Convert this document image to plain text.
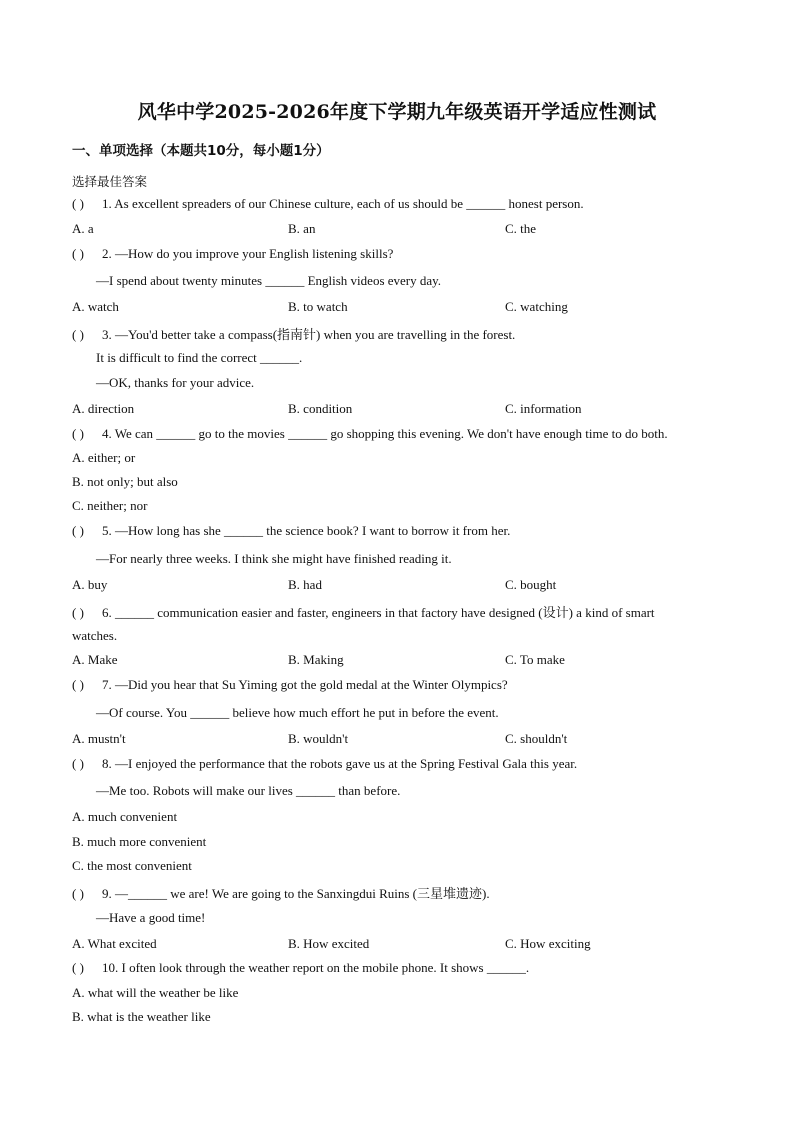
风华中学2025-2026年度下学期九年级英语开学适应性测试
一、单项选择（本题共10分，每小题1分）
选择最佳答案
( ) 1. As excellent spreaders of our Chinese culture, each of us should be ______ honest person.
A. a	B. an	C. the
( ) 2. —How do you improve your English listening skills?
—I spend about twenty minutes ______ English videos every day.
A. watch	B. to watch	C. watching
( ) 3. —You'd better take a compass(指南针) when you are travelling in the forest.
It is difficult to find the correct ______.
—OK, thanks for your advice.
A. direction	B. condition	C. information
( ) 4. We can ______ go to the movies ______ go shopping this evening. We don't have enough time to do both.
A. either; or
B. not only; but also
C. neither; nor
( ) 5. —How long has she ______ the science book? I want to borrow it from her.
—For nearly three weeks. I think she might have finished reading it.
A. buy	B. had	C. bought
( ) 6. ______ communication easier and faster, engineers in that factory have designed (设计) a kind of smart
watches.
A. Make	B. Making	C. To make
( ) 7. —Did you hear that Su Yiming got the gold medal at the Winter Olympics?
—Of course. You ______ believe how much effort he put in before the event.
A. mustn't	B. wouldn't	C. shouldn't
( ) 8. —I enjoyed the performance that the robots gave us at the Spring Festival Gala this year.
—Me too. Robots will make our lives ______ than before.
A. much convenient
B. much more convenient
C. the most convenient
( ) 9. —______ we are! We are going to the Sanxingdui Ruins (三星堆遗迹).
—Have a good time!
A. What excited	B. How excited	C. How exciting
( ) 10. I often look through the weather report on the mobile phone. It shows ______.
A. what will the weather be like
B. what is the weather like
